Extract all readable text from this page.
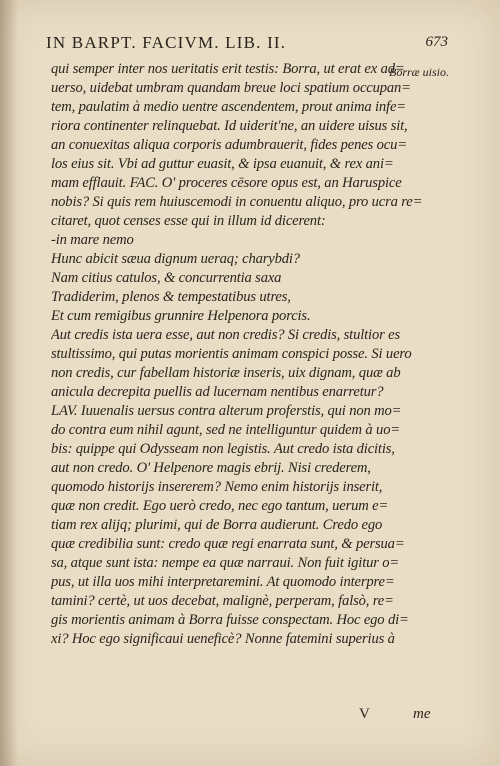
IN BARPT. FACIVM. LIB. II.	673
Borræ uisio.
qui semper inter nos ueritatis erit testis: Borra, ut erat ex ad=
uerso, uidebat umbram quandam breue loci spatium occupan=
tem, paulatim à medio uentre ascendentem, prout anima infe=
riora continenter relinquebat. Id uiderit'ne, an uidere uisus sit,
an conuexitas aliqua corporis adumbrauerit, fides penes ocu=
los eius sit. Vbi ad guttur euasit, & ipsa euanuit, & rex ani=
mam efflauit. FAC. O' proceres cēsore opus est, an Haruspice
nobis? Si quis rem huiuscemodi in conuentu aliquo, pro ucra re=
citaret, quot censes esse qui in illum id dicerent:
-in mare nemo
Hunc abicit sæua dignum ueraq; charybdi?
Nam citius catulos, & concurrentia saxa
Tradiderim, plenos & tempestatibus utres,
Et cum remigibus grunnire Helpenora porcis.
Aut credis ista uera esse, aut non credis? Si credis, stultior es
stultissimo, qui putas morientis animam conspici posse. Si uero
non credis, cur fabellam historiæ inseris, uix dignam, quæ ab
anicula decrepita puellis ad lucernam nentibus enarretur?
LAV. Iuuenalis uersus contra alterum proferstis, qui non mo=
do contra eum nihil agunt, sed ne intelliguntur quidem à uo=
bis: quippe qui Odysseam non legistis. Aut credo ista dicitis,
aut non credo. O' Helpenore magis ebrij. Nisi crederem,
quomodo historijs insererem? Nemo enim historijs inserit,
quæ non credit. Ego uerò credo, nec ego tantum, uerum e=
tiam rex alijq; plurimi, qui de Borra audierunt. Credo ego
quæ credibilia sunt: credo quæ regi enarrata sunt, & persua=
sa, atque sunt ista: nempe ea quæ narraui. Non fuit igitur o=
pus, ut illa uos mihi interpretaremini. At quomodo interpre=
tamini? certè, ut uos decebat, malignè, perperam, falsò, re=
gis morientis animam à Borra fuisse conspectam. Hoc ego di=
xi? Hoc ego significaui ueneficè? Nonne fatemini superius à
V	me
